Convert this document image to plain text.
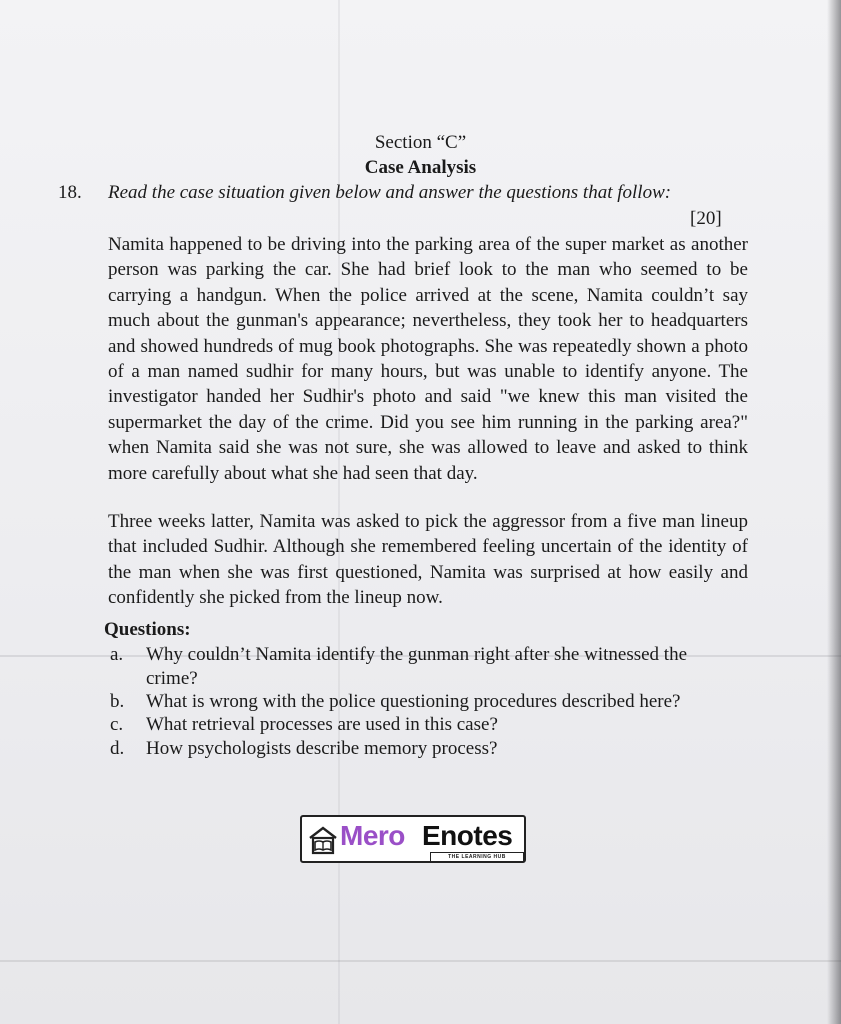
Section “C”
Case Analysis
18. Read the case situation given below and answer the questions that follow:
[20]
Namita happened to be driving into the parking area of the super market as another person was parking the car. She had brief look to the man who seemed to be carrying a handgun. When the police arrived at the scene, Namita couldn’t say much about the gunman's appearance; nevertheless, they took her to headquarters and showed hundreds of mug book photographs. She was repeatedly shown a photo of a man named sudhir for many hours, but was unable to identify anyone. The investigator handed her Sudhir's photo and said "we knew this man visited the supermarket the day of the crime. Did you see him running in the parking area?" when Namita said she was not sure, she was allowed to leave and asked to think more carefully about what she had seen that day.
Three weeks latter, Namita was asked to pick the aggressor from a five man lineup that included Sudhir. Although she remembered feeling uncertain of the identity of the man when she was first questioned, Namita was surprised at how easily and confidently she picked from the lineup now.
Questions:
a. Why couldn’t Namita identify the gunman right after she witnessed the
crime?
b. What is wrong with the police questioning procedures described here?
c. What retrieval processes are used in this case?
d. How psychologists describe memory process?
Mero Enotes
THE LEARNING HUB
